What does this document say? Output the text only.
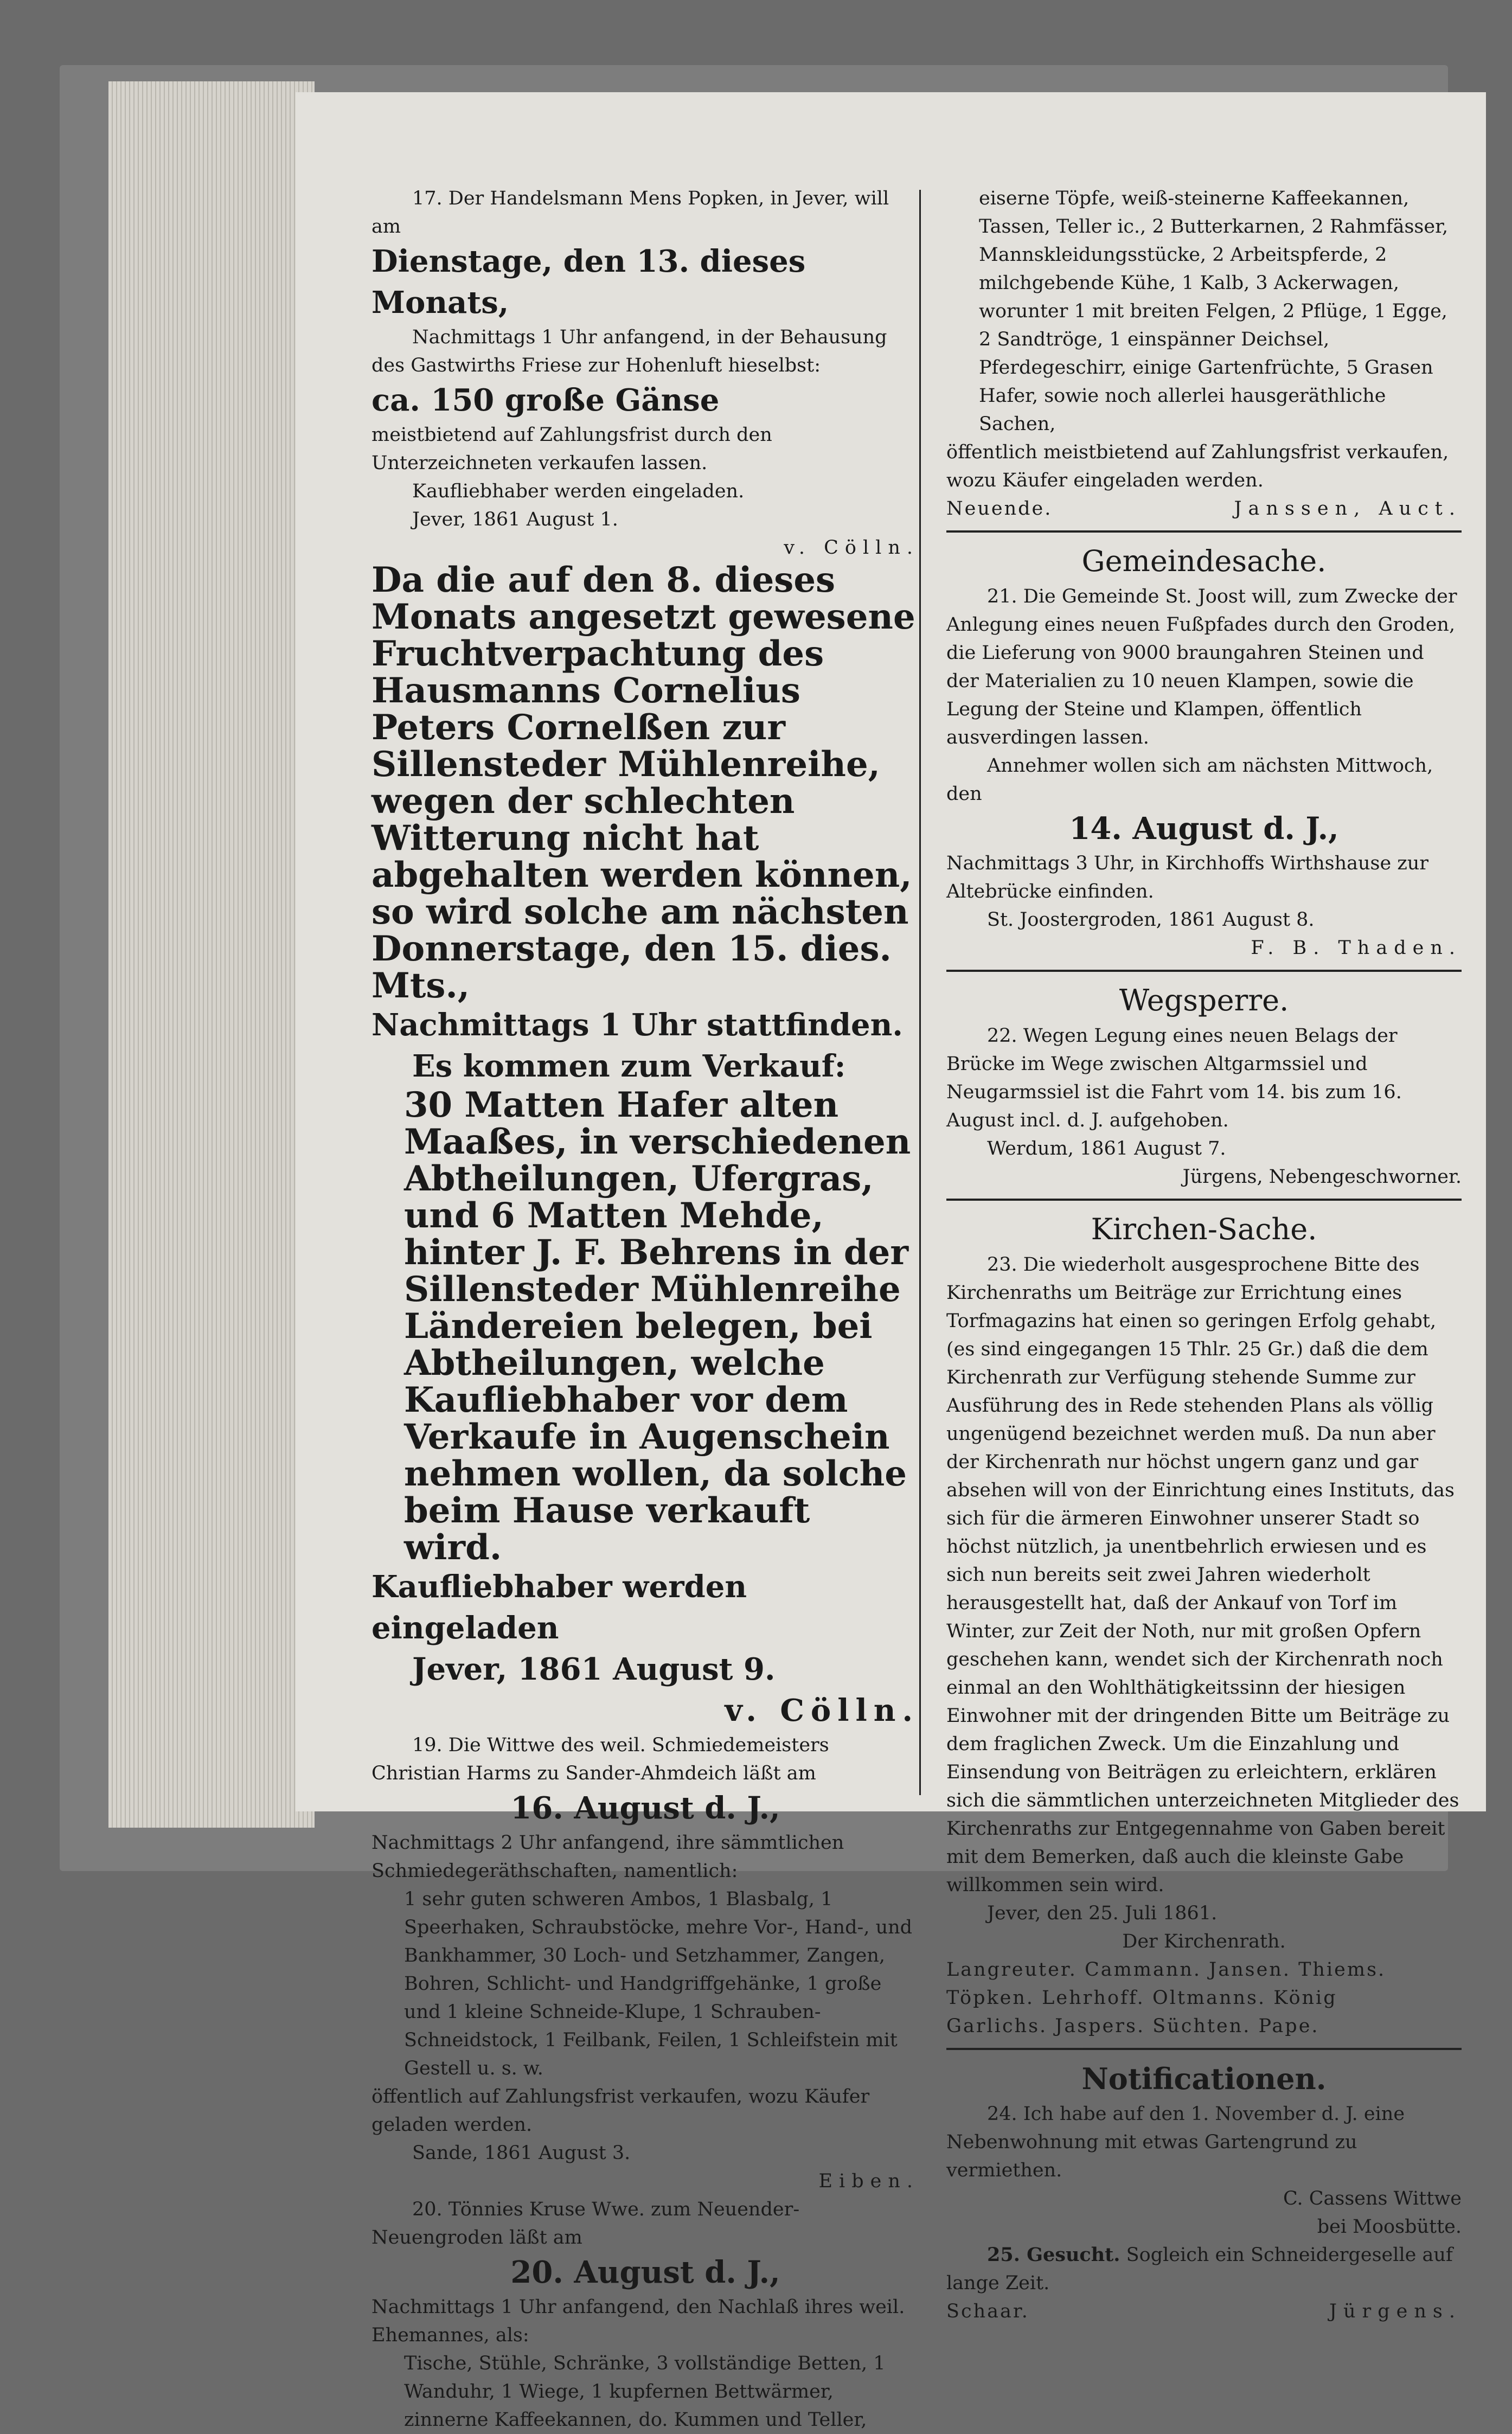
17. Der Handelsmann Mens Popken, in Jever, will am

Dienstage, den 13. dieses Monats,

Nachmittags 1 Uhr anfangend, in der Behausung des Gastwirths Friese zur Hohenluft hieselbst:

ca. 150 große Gänse

meistbietend auf Zahlungsfrist durch den Unterzeichneten verkaufen lassen.

Kaufliebhaber werden eingeladen.

Jever, 1861 August 1.

v. Cölln.

Da die auf den 8. dieses Monats angesetzt gewesene Fruchtverpachtung des Hausmanns Cornelius Peters Cornelßen zur Sillensteder Mühlenreihe, wegen der schlechten Witterung nicht hat abgehalten werden können, so wird solche am nächsten

Donnerstage, den 15. dies. Mts.,

Nachmittags 1 Uhr stattfinden.

Es kommen zum Verkauf:

30 Matten Hafer alten Maaßes, in verschiedenen Abtheilungen, Ufergras, und 6 Matten Mehde, hinter J. F. Behrens in der Sillensteder Mühlenreihe Ländereien belegen, bei Abtheilungen, welche Kaufliebhaber vor dem Verkaufe in Augenschein nehmen wollen, da solche beim Hause verkauft wird.

Kaufliebhaber werden eingeladen

Jever, 1861 August 9.

v. Cölln.

19. Die Wittwe des weil. Schmiedemeisters Christian Harms zu Sander-Ahmdeich läßt am

16. August d. J.,

Nachmittags 2 Uhr anfangend, ihre sämmtlichen Schmiedegeräthschaften, namentlich:

1 sehr guten schweren Ambos, 1 Blasbalg, 1 Speerhaken, Schraubstöcke, mehre Vor-, Hand-, und Bankhammer, 30 Loch- und Setzhammer, Zangen, Bohren, Schlicht- und Handgriffgehänke, 1 große und 1 kleine Schneide-Klupe, 1 Schrauben-Schneidstock, 1 Feilbank, Feilen, 1 Schleifstein mit Gestell u. s. w.

öffentlich auf Zahlungsfrist verkaufen, wozu Käufer geladen werden.

Sande, 1861 August 3.

Eiben.

20. Tönnies Kruse Wwe. zum Neuender-Neuengroden läßt am

20. August d. J.,

Nachmittags 1 Uhr anfangend, den Nachlaß ihres weil. Ehemannes, als:

Tische, Stühle, Schränke, 3 vollständige Betten, 1 Wanduhr, 1 Wiege, 1 kupfernen Bettwärmer, zinnerne Kaffeekannen, do. Kummen und Teller,

eiserne Töpfe, weiß-steinerne Kaffeekannen, Tassen, Teller ic., 2 Butterkarnen, 2 Rahmfässer, Mannskleidungsstücke, 2 Arbeitspferde, 2 milchgebende Kühe, 1 Kalb, 3 Ackerwagen, worunter 1 mit breiten Felgen, 2 Pflüge, 1 Egge, 2 Sandtröge, 1 einspänner Deichsel, Pferdegeschirr, einige Gartenfrüchte, 5 Grasen Hafer, sowie noch allerlei hausgeräthliche Sachen,

öffentlich meistbietend auf Zahlungsfrist verkaufen, wozu Käufer eingeladen werden.

Neuende.	Janssen, Auct.

Gemeindesache.

21. Die Gemeinde St. Joost will, zum Zwecke der Anlegung eines neuen Fußpfades durch den Groden, die Lieferung von 9000 braungahren Steinen und der Materialien zu 10 neuen Klampen, sowie die Legung der Steine und Klampen, öffentlich ausverdingen lassen.

Annehmer wollen sich am nächsten Mittwoch, den

14. August d. J.,

Nachmittags 3 Uhr, in Kirchhoffs Wirthshause zur Altebrücke einfinden.

St. Joostergroden, 1861 August 8.

F. B. Thaden.

Wegsperre.

22. Wegen Legung eines neuen Belags der Brücke im Wege zwischen Altgarmssiel und Neugarmssiel ist die Fahrt vom 14. bis zum 16. August incl. d. J. aufgehoben.

Werdum, 1861 August 7.

Jürgens, Nebengeschworner.

Kirchen-Sache.

23. Die wiederholt ausgesprochene Bitte des Kirchenraths um Beiträge zur Errichtung eines Torfmagazins hat einen so geringen Erfolg gehabt, (es sind eingegangen 15 Thlr. 25 Gr.) daß die dem Kirchenrath zur Verfügung stehende Summe zur Ausführung des in Rede stehenden Plans als völlig ungenügend bezeichnet werden muß. Da nun aber der Kirchenrath nur höchst ungern ganz und gar absehen will von der Einrichtung eines Instituts, das sich für die ärmeren Einwohner unserer Stadt so höchst nützlich, ja unentbehrlich erwiesen und es sich nun bereits seit zwei Jahren wiederholt herausgestellt hat, daß der Ankauf von Torf im Winter, zur Zeit der Noth, nur mit großen Opfern geschehen kann, wendet sich der Kirchenrath noch einmal an den Wohlthätigkeitssinn der hiesigen Einwohner mit der dringenden Bitte um Beiträge zu dem fraglichen Zweck. Um die Einzahlung und Einsendung von Beiträgen zu erleichtern, erklären sich die sämmtlichen unterzeichneten Mitglieder des Kirchenraths zur Entgegennahme von Gaben bereit mit dem Bemerken, daß auch die kleinste Gabe willkommen sein wird.

Jever, den 25. Juli 1861.

Der Kirchenrath.

Langreuter. Cammann. Jansen. Thiems.

Töpken. Lehrhoff. Oltmanns. König

Garlichs. Jaspers. Süchten. Pape.

Notificationen.

24. Ich habe auf den 1. November d. J. eine Nebenwohnung mit etwas Gartengrund zu vermiethen.

C. Cassens Wittwe

bei Moosbütte.

25. Gesucht. Sogleich ein Schneidergeselle auf lange Zeit.

Schaar.	Jürgens.
